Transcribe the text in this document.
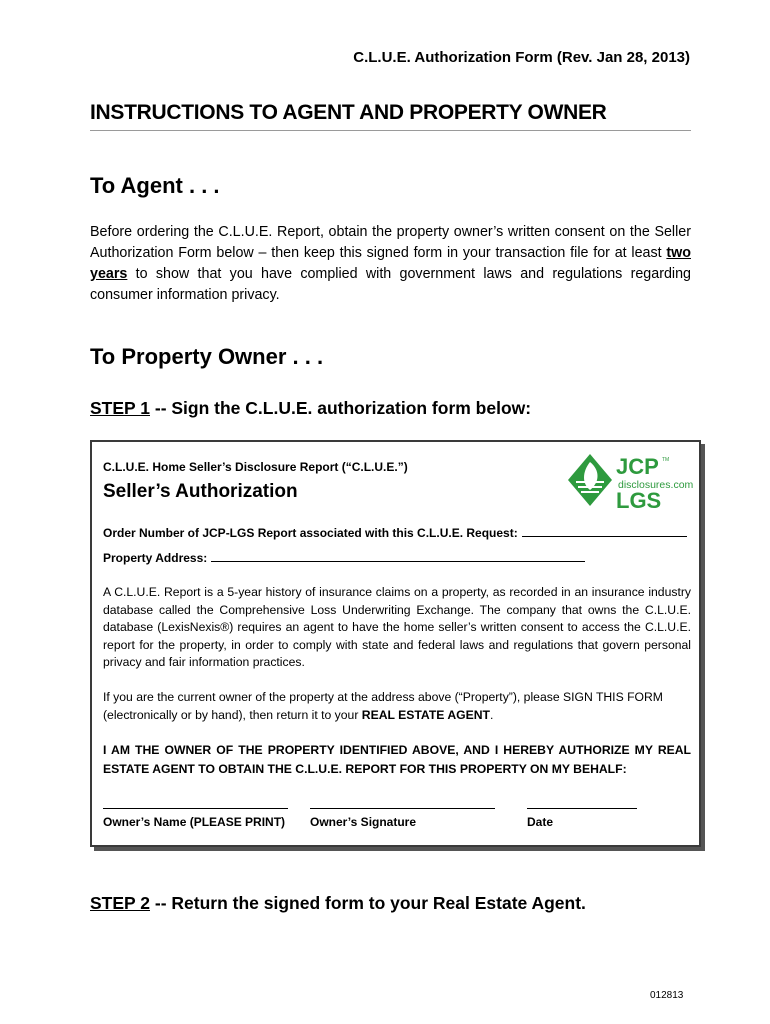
C.L.U.E. Authorization Form (Rev. Jan 28, 2013)
INSTRUCTIONS TO AGENT AND PROPERTY OWNER
To Agent . . .
Before ordering the C.L.U.E. Report, obtain the property owner’s written consent on the Seller Authorization Form below – then keep this signed form in your transaction file for at least two years to show that you have complied with government laws and regulations regarding consumer information privacy.
To Property Owner . . .
STEP 1 -- Sign the C.L.U.E. authorization form below:
C.L.U.E. Home Seller’s Disclosure Report (“C.L.U.E.”)
Seller’s Authorization
JCP TM
disclosures.com
LGS
Order Number of JCP-LGS Report associated with this C.L.U.E. Request:
Property Address:
A C.L.U.E. Report is a 5-year history of insurance claims on a property, as recorded in an insurance industry database called the Comprehensive Loss Underwriting Exchange. The company that owns the C.L.U.E. database (LexisNexis®) requires an agent to have the home seller’s written consent to access the C.L.U.E. report for the property, in order to comply with state and federal laws and regulations that govern personal privacy and fair information practices.
If you are the current owner of the property at the address above (“Property”), please SIGN THIS FORM (electronically or by hand), then return it to your REAL ESTATE AGENT.
I AM THE OWNER OF THE PROPERTY IDENTIFIED ABOVE, AND I HEREBY AUTHORIZE MY REAL ESTATE AGENT TO OBTAIN THE C.L.U.E. REPORT FOR THIS PROPERTY ON MY BEHALF:
Owner’s Name (PLEASE PRINT) Owner’s Signature	Date
STEP 2 -- Return the signed form to your Real Estate Agent.
012813
